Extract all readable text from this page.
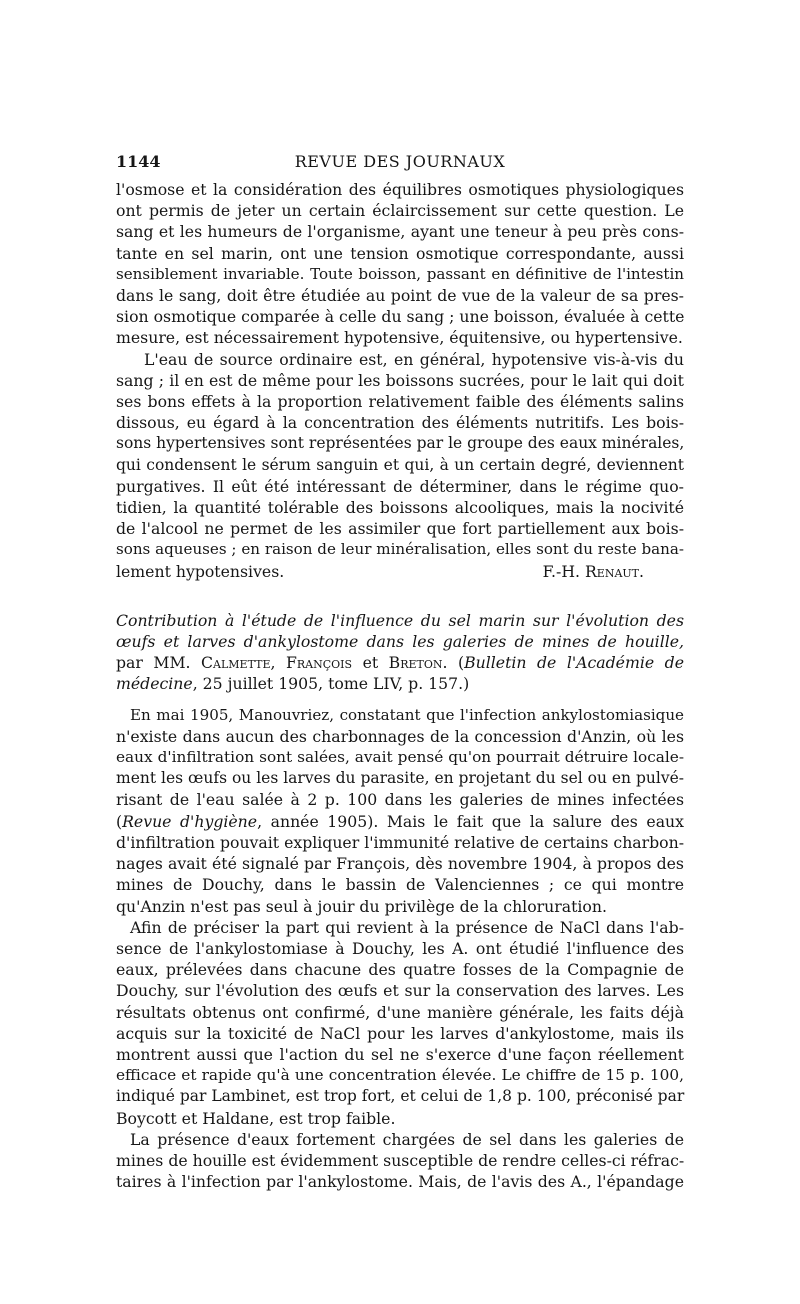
1144	REVUE DES JOURNAUX
l'osmose et la considération des équilibres osmotiques physiologiques
ont permis de jeter un certain éclaircissement sur cette question. Le
sang et les humeurs de l'organisme, ayant une teneur à peu près cons-
tante en sel marin, ont une tension osmotique correspondante, aussi
sensiblement invariable. Toute boisson, passant en définitive de l'intestin
dans le sang, doit être étudiée au point de vue de la valeur de sa pres-
sion osmotique comparée à celle du sang ; une boisson, évaluée à cette
mesure, est nécessairement hypotensive, équitensive, ou hypertensive.
L'eau de source ordinaire est, en général, hypotensive vis-à-vis du
sang ; il en est de même pour les boissons sucrées, pour le lait qui doit
ses bons effets à la proportion relativement faible des éléments salins
dissous, eu égard à la concentration des éléments nutritifs. Les bois-
sons hypertensives sont représentées par le groupe des eaux minérales,
qui condensent le sérum sanguin et qui, à un certain degré, deviennent
purgatives. Il eût été intéressant de déterminer, dans le régime quo-
tidien, la quantité tolérable des boissons alcooliques, mais la nocivité
de l'alcool ne permet de les assimiler que fort partiellement aux bois-
sons aqueuses ; en raison de leur minéralisation, elles sont du reste bana-
lement hypotensives.	F.-H. Renaut.
Contribution à l'étude de l'influence du sel marin sur l'évolution des
œufs et larves d'ankylostome dans les galeries de mines de houille,
par MM. Calmette, François et Breton. (Bulletin de l'Académie de
médecine, 25 juillet 1905, tome LIV, p. 157.)
En mai 1905, Manouvriez, constatant que l'infection ankylostomiasique
n'existe dans aucun des charbonnages de la concession d'Anzin, où les
eaux d'infiltration sont salées, avait pensé qu'on pourrait détruire locale-
ment les œufs ou les larves du parasite, en projetant du sel ou en pulvé-
risant de l'eau salée à 2 p. 100 dans les galeries de mines infectées
(Revue d'hygiène, année 1905). Mais le fait que la salure des eaux
d'infiltration pouvait expliquer l'immunité relative de certains charbon-
nages avait été signalé par François, dès novembre 1904, à propos des
mines de Douchy, dans le bassin de Valenciennes ; ce qui montre
qu'Anzin n'est pas seul à jouir du privilège de la chloruration.
Afin de préciser la part qui revient à la présence de NaCl dans l'ab-
sence de l'ankylostomiase à Douchy, les A. ont étudié l'influence des
eaux, prélevées dans chacune des quatre fosses de la Compagnie de
Douchy, sur l'évolution des œufs et sur la conservation des larves. Les
résultats obtenus ont confirmé, d'une manière générale, les faits déjà
acquis sur la toxicité de NaCl pour les larves d'ankylostome, mais ils
montrent aussi que l'action du sel ne s'exerce d'une façon réellement
efficace et rapide qu'à une concentration élevée. Le chiffre de 15 p. 100,
indiqué par Lambinet, est trop fort, et celui de 1,8 p. 100, préconisé par
Boycott et Haldane, est trop faible.
La présence d'eaux fortement chargées de sel dans les galeries de
mines de houille est évidemment susceptible de rendre celles-ci réfrac-
taires à l'infection par l'ankylostome. Mais, de l'avis des A., l'épandage
